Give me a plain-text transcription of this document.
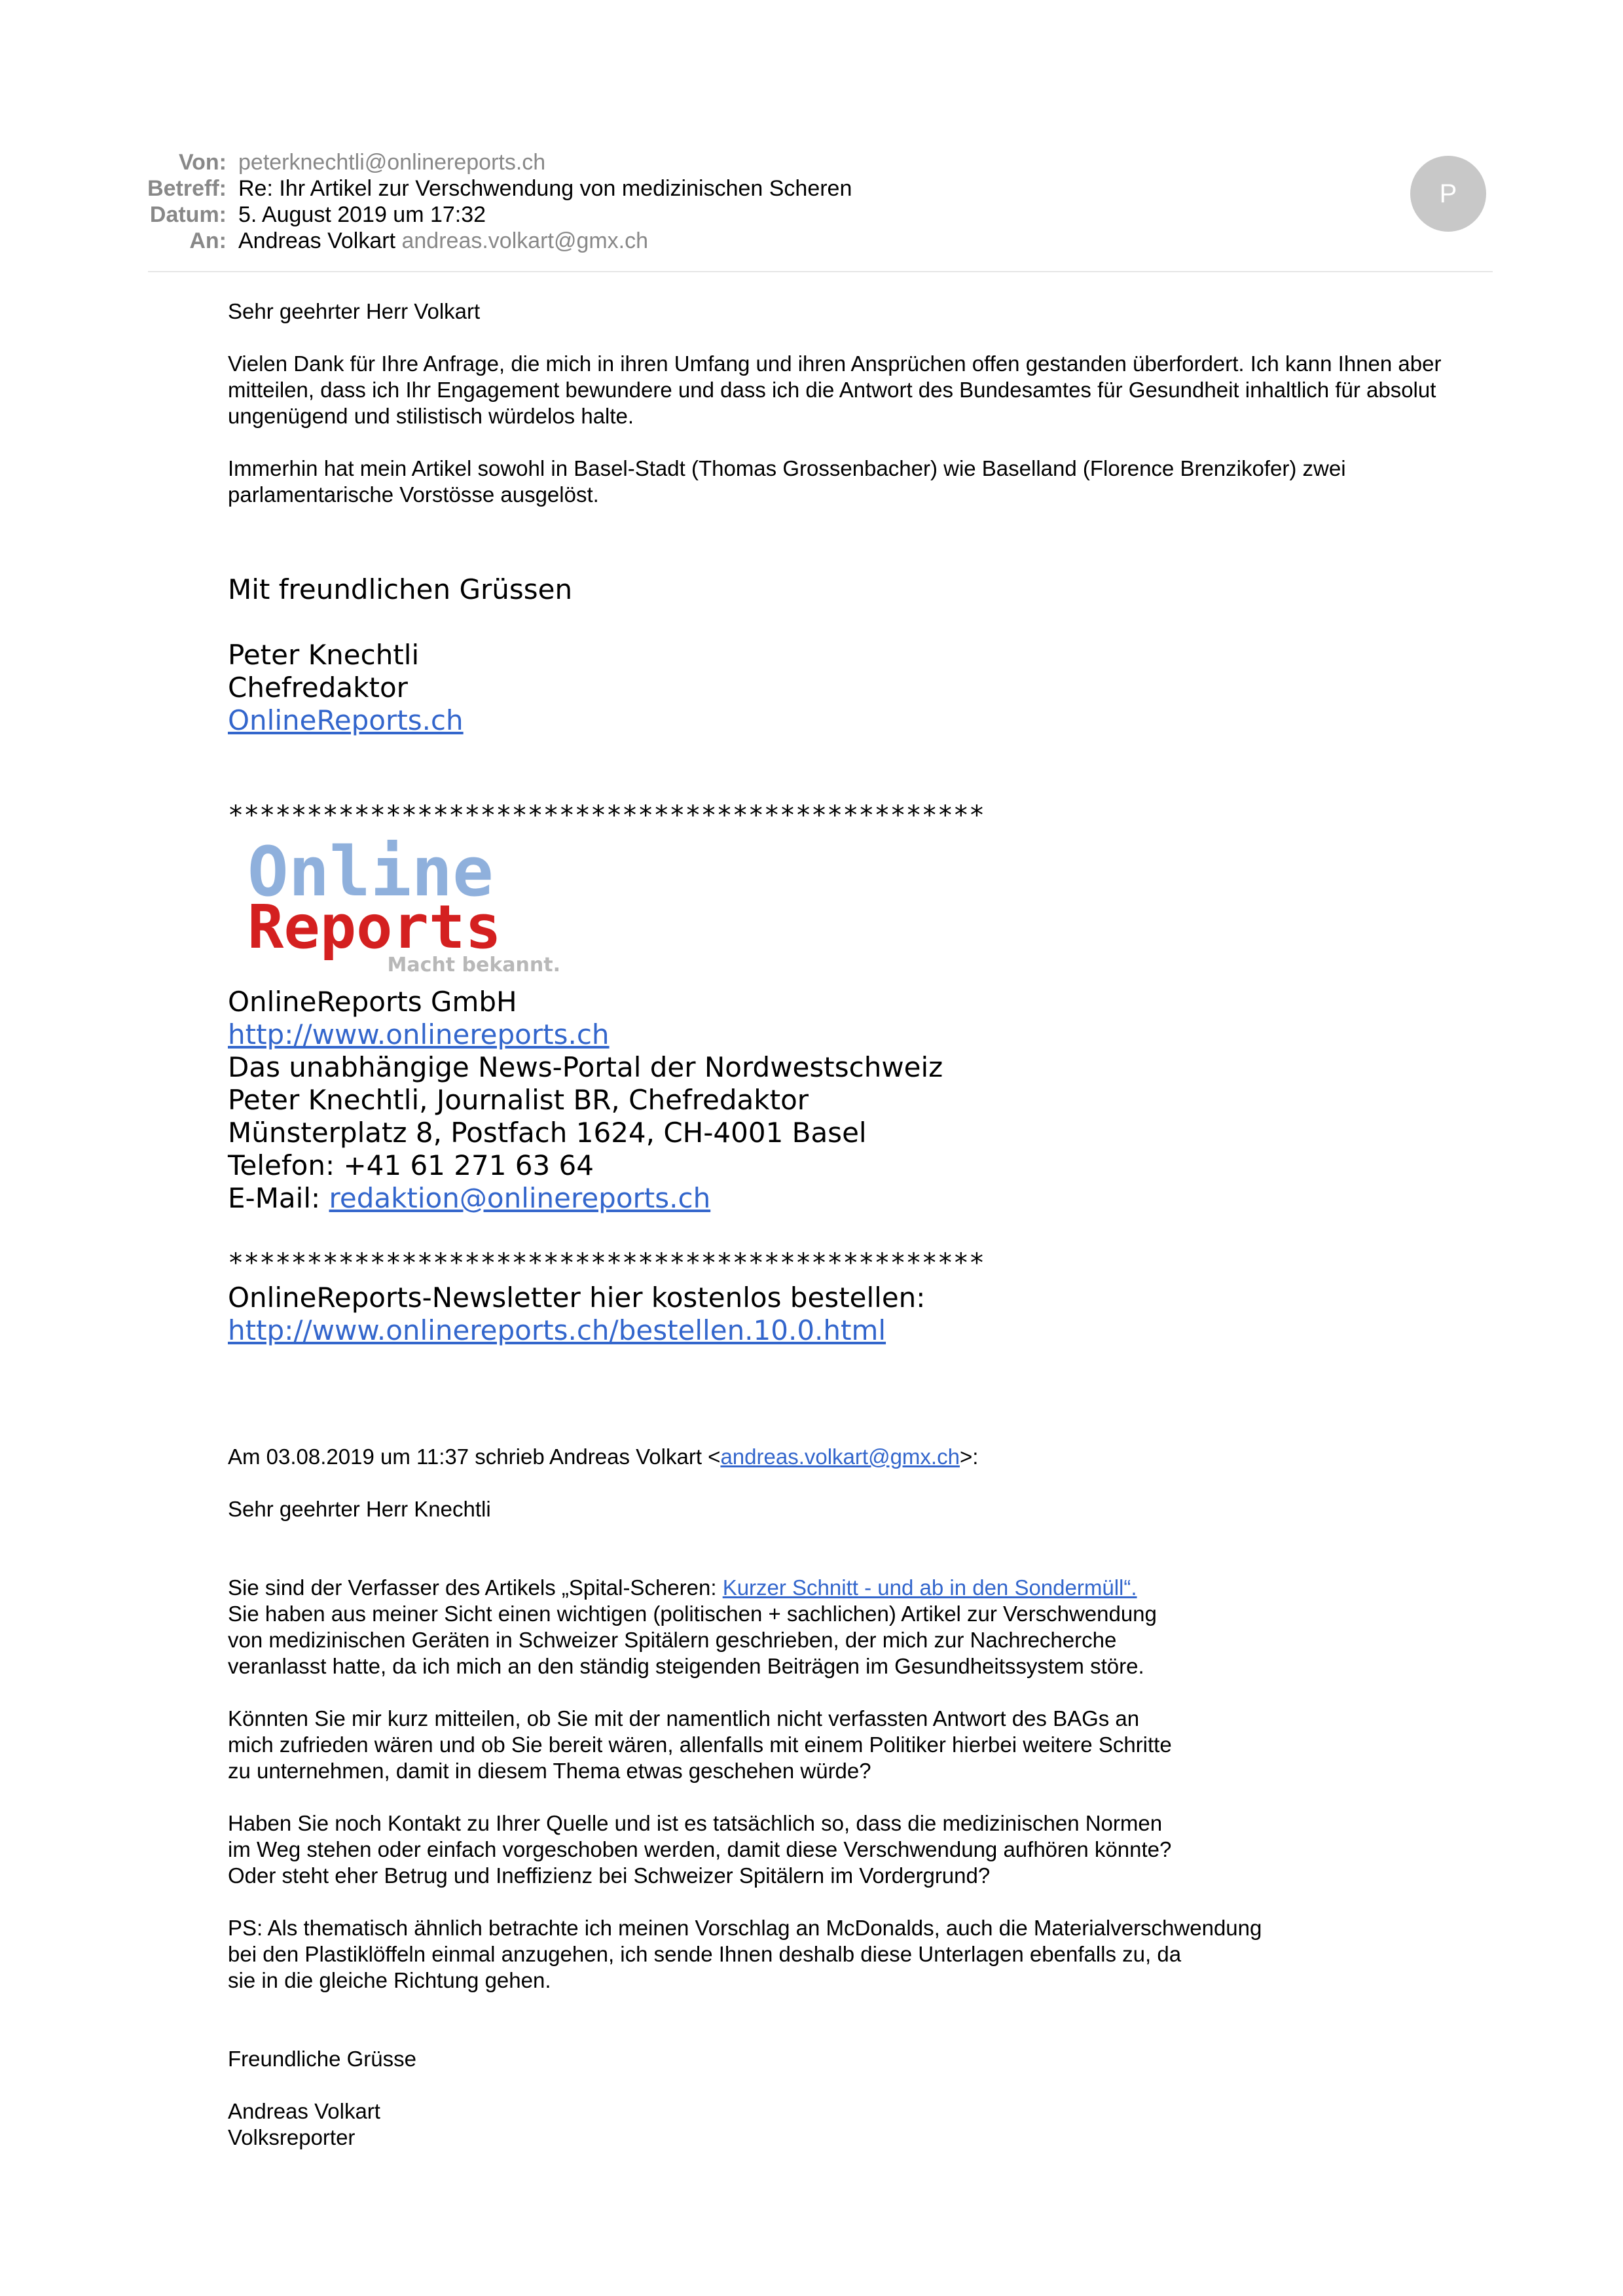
Von: peterknechtli@onlinereports.ch
Betreff: Re: Ihr Artikel zur Verschwendung von medizinischen Scheren
Datum: 5. August 2019 um 17:32
An: Andreas Volkart andreas.volkart@gmx.ch
P
Sehr geehrter Herr Volkart
Vielen Dank für Ihre Anfrage, die mich in ihren Umfang und ihren Ansprüchen offen gestanden überfordert. Ich kann Ihnen aber
mitteilen, dass ich Ihr Engagement bewundere und dass ich die Antwort des Bundesamtes für Gesundheit inhaltlich für absolut
ungenügend und stilistisch würdelos halte.
Immerhin hat mein Artikel sowohl in Basel-Stadt (Thomas Grossenbacher) wie Baselland (Florence Brenzikofer) zwei
parlamentarische Vorstösse ausgelöst.
Mit freundlichen Grüssen
Peter Knechtli
Chefredaktor
OnlineReports.ch
************************************************
Online
Reports
Macht bekannt.
OnlineReports GmbH
http://www.onlinereports.ch
Das unabhängige News-Portal der Nordwestschweiz
Peter Knechtli, Journalist BR, Chefredaktor
Münsterplatz 8, Postfach 1624, CH-4001 Basel
Telefon: +41 61 271 63 64
E-Mail: redaktion@onlinereports.ch
************************************************
OnlineReports-Newsletter hier kostenlos bestellen:
http://www.onlinereports.ch/bestellen.10.0.html
Am 03.08.2019 um 11:37 schrieb Andreas Volkart <andreas.volkart@gmx.ch>:
Sehr geehrter Herr Knechtli
Sie sind der Verfasser des Artikels „Spital-Scheren: Kurzer Schnitt - und ab in den Sondermüll“.
Sie haben aus meiner Sicht einen wichtigen (politischen + sachlichen) Artikel zur Verschwendung
von medizinischen Geräten in Schweizer Spitälern geschrieben, der mich zur Nachrecherche
veranlasst hatte, da ich mich an den ständig steigenden Beiträgen im Gesundheitssystem störe.
Könnten Sie mir kurz mitteilen, ob Sie mit der namentlich nicht verfassten Antwort des BAGs an
mich zufrieden wären und ob Sie bereit wären, allenfalls mit einem Politiker hierbei weitere Schritte
zu unternehmen, damit in diesem Thema etwas geschehen würde?
Haben Sie noch Kontakt zu Ihrer Quelle und ist es tatsächlich so, dass die medizinischen Normen
im Weg stehen oder einfach vorgeschoben werden, damit diese Verschwendung aufhören könnte?
Oder steht eher Betrug und Ineffizienz bei Schweizer Spitälern im Vordergrund?
PS: Als thematisch ähnlich betrachte ich meinen Vorschlag an McDonalds, auch die Materialverschwendung
bei den Plastiklöffeln einmal anzugehen, ich sende Ihnen deshalb diese Unterlagen ebenfalls zu, da
sie in die gleiche Richtung gehen.
Freundliche Grüsse
Andreas Volkart
Volksreporter
